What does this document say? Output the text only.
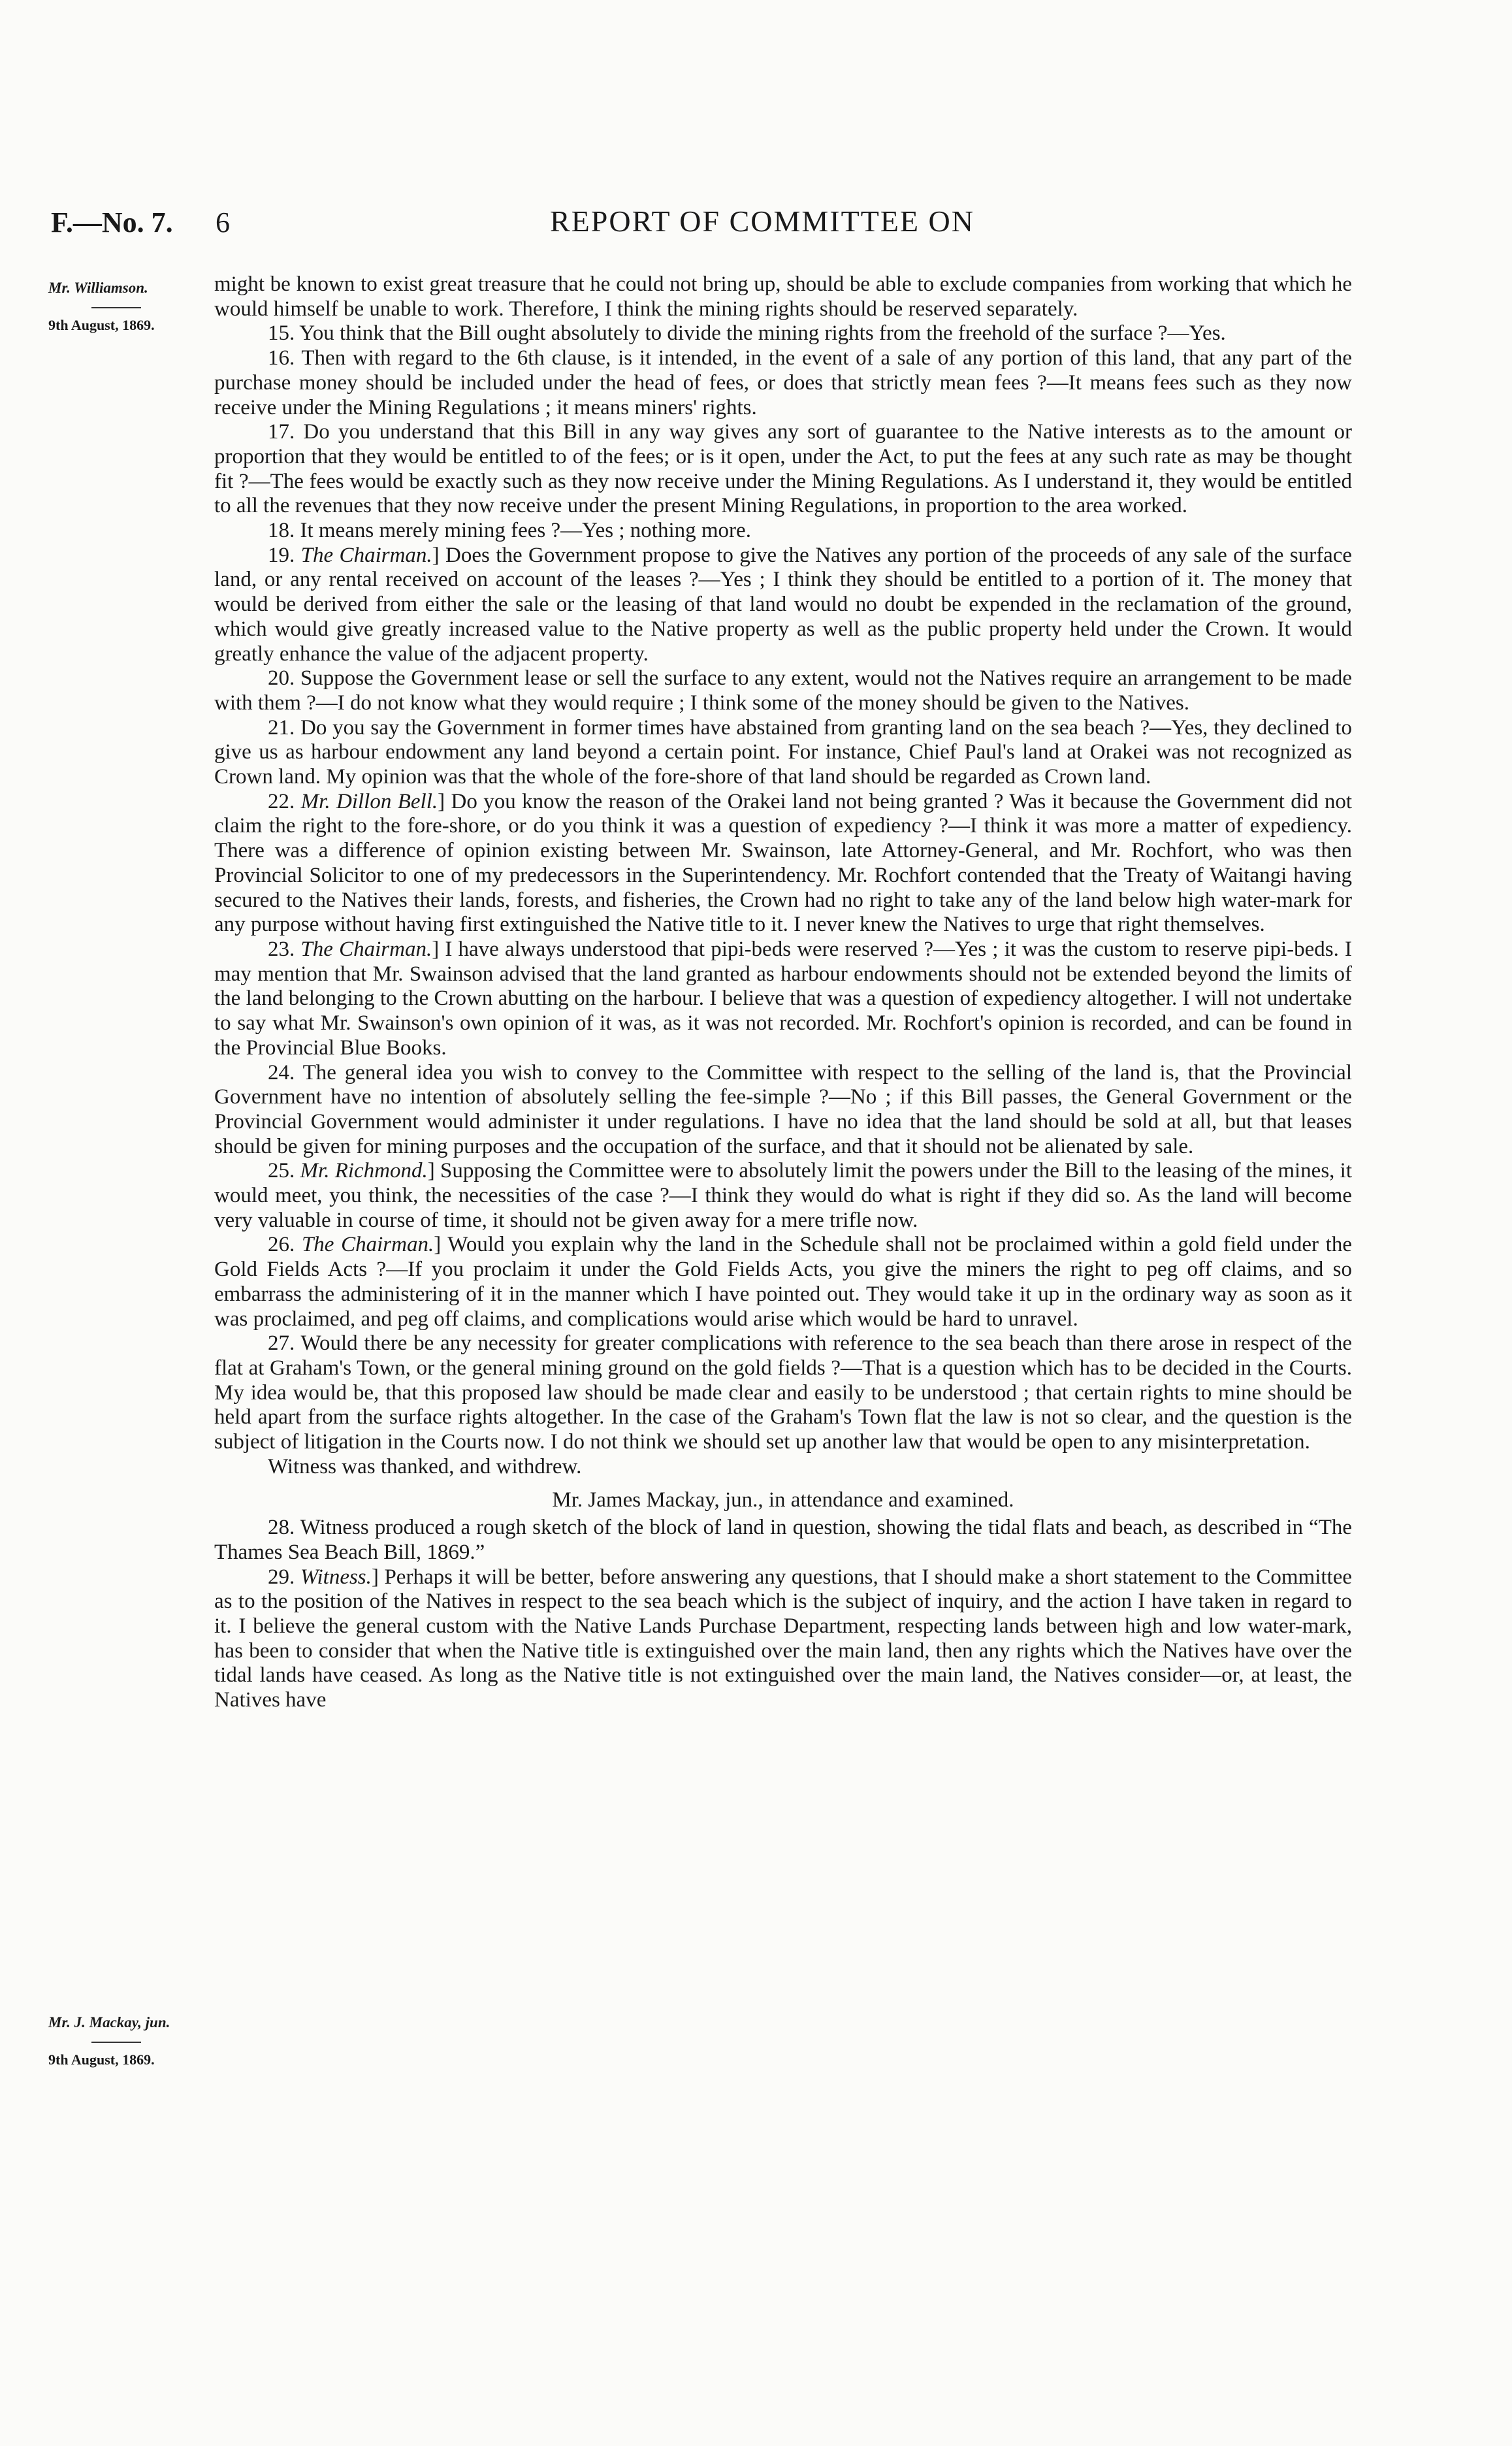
F.—No. 7. 6	REPORT OF COMMITTEE ON
Mr. Williamson.
9th August, 1869.
Mr. J. Mackay, jun.
9th August, 1869.

might be known to exist great treasure that he could not bring up, should be able to exclude companies from working that which he would himself be unable to work. Therefore, I think the mining rights should be reserved separately.

15. You think that the Bill ought absolutely to divide the mining rights from the freehold of the surface ?—Yes.

16. Then with regard to the 6th clause, is it intended, in the event of a sale of any portion of this land, that any part of the purchase money should be included under the head of fees, or does that strictly mean fees ?—It means fees such as they now receive under the Mining Regulations ; it means miners' rights.

17. Do you understand that this Bill in any way gives any sort of guarantee to the Native interests as to the amount or proportion that they would be entitled to of the fees; or is it open, under the Act, to put the fees at any such rate as may be thought fit ?—The fees would be exactly such as they now receive under the Mining Regulations. As I understand it, they would be entitled to all the revenues that they now receive under the present Mining Regulations, in proportion to the area worked.

18. It means merely mining fees ?—Yes ; nothing more.

19. The Chairman.] Does the Government propose to give the Natives any portion of the proceeds of any sale of the surface land, or any rental received on account of the leases ?—Yes ; I think they should be entitled to a portion of it. The money that would be derived from either the sale or the leasing of that land would no doubt be expended in the reclamation of the ground, which would give greatly increased value to the Native property as well as the public property held under the Crown. It would greatly enhance the value of the adjacent property.

20. Suppose the Government lease or sell the surface to any extent, would not the Natives require an arrangement to be made with them ?—I do not know what they would require ; I think some of the money should be given to the Natives.

21. Do you say the Government in former times have abstained from granting land on the sea beach ?—Yes, they declined to give us as harbour endowment any land beyond a certain point. For instance, Chief Paul's land at Orakei was not recognized as Crown land. My opinion was that the whole of the fore-shore of that land should be regarded as Crown land.

22. Mr. Dillon Bell.] Do you know the reason of the Orakei land not being granted ? Was it because the Government did not claim the right to the fore-shore, or do you think it was a question of expediency ?—I think it was more a matter of expediency. There was a difference of opinion existing between Mr. Swainson, late Attorney-General, and Mr. Rochfort, who was then Provincial Solicitor to one of my predecessors in the Superintendency. Mr. Rochfort contended that the Treaty of Waitangi having secured to the Natives their lands, forests, and fisheries, the Crown had no right to take any of the land below high water-mark for any purpose without having first extinguished the Native title to it. I never knew the Natives to urge that right themselves.

23. The Chairman.] I have always understood that pipi-beds were reserved ?—Yes ; it was the custom to reserve pipi-beds. I may mention that Mr. Swainson advised that the land granted as harbour endowments should not be extended beyond the limits of the land belonging to the Crown abutting on the harbour. I believe that was a question of expediency altogether. I will not undertake to say what Mr. Swainson's own opinion of it was, as it was not recorded. Mr. Rochfort's opinion is recorded, and can be found in the Provincial Blue Books.

24. The general idea you wish to convey to the Committee with respect to the selling of the land is, that the Provincial Government have no intention of absolutely selling the fee-simple ?—No ; if this Bill passes, the General Government or the Provincial Government would administer it under regulations. I have no idea that the land should be sold at all, but that leases should be given for mining purposes and the occupation of the surface, and that it should not be alienated by sale.

25. Mr. Richmond.] Supposing the Committee were to absolutely limit the powers under the Bill to the leasing of the mines, it would meet, you think, the necessities of the case ?—I think they would do what is right if they did so. As the land will become very valuable in course of time, it should not be given away for a mere trifle now.

26. The Chairman.] Would you explain why the land in the Schedule shall not be proclaimed within a gold field under the Gold Fields Acts ?—If you proclaim it under the Gold Fields Acts, you give the miners the right to peg off claims, and so embarrass the administering of it in the manner which I have pointed out. They would take it up in the ordinary way as soon as it was proclaimed, and peg off claims, and complications would arise which would be hard to unravel.

27. Would there be any necessity for greater complications with reference to the sea beach than there arose in respect of the flat at Graham's Town, or the general mining ground on the gold fields ?—That is a question which has to be decided in the Courts. My idea would be, that this proposed law should be made clear and easily to be understood ; that certain rights to mine should be held apart from the surface rights altogether. In the case of the Graham's Town flat the law is not so clear, and the question is the subject of litigation in the Courts now. I do not think we should set up another law that would be open to any misinterpretation.

Witness was thanked, and withdrew.

Mr. James Mackay, jun., in attendance and examined.

28. Witness produced a rough sketch of the block of land in question, showing the tidal flats and beach, as described in “The Thames Sea Beach Bill, 1869.”

29. Witness.] Perhaps it will be better, before answering any questions, that I should make a short statement to the Committee as to the position of the Natives in respect to the sea beach which is the subject of inquiry, and the action I have taken in regard to it. I believe the general custom with the Native Lands Purchase Department, respecting lands between high and low water-mark, has been to consider that when the Native title is extinguished over the main land, then any rights which the Natives have over the tidal lands have ceased. As long as the Native title is not extinguished over the main land, the Natives consider—or, at least, the Natives have
